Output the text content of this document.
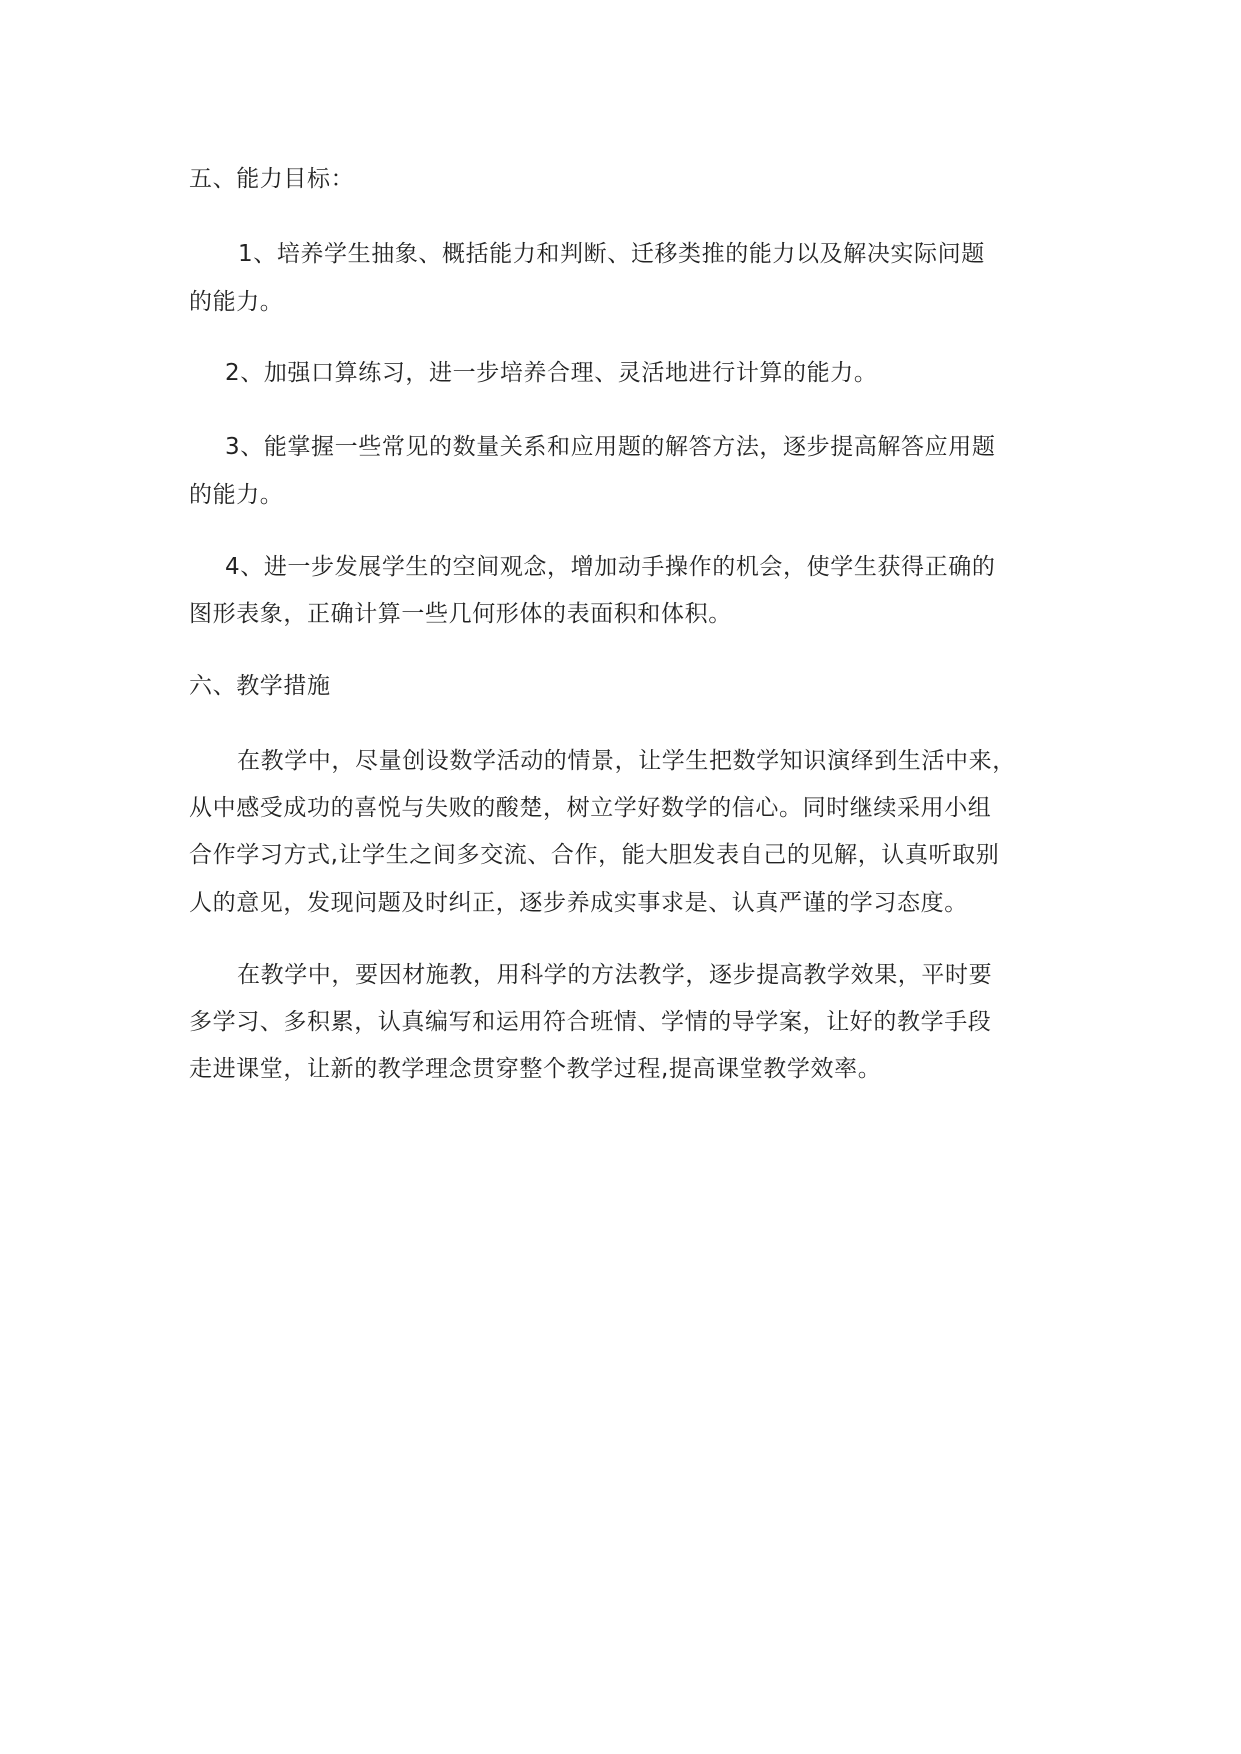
五、能力目标：
1、培养学生抽象、概括能力和判断、迁移类推的能力以及解决实际问题
的能力。
2、加强口算练习，进一步培养合理、灵活地进行计算的能力。
3、能掌握一些常见的数量关系和应用题的解答方法，逐步提高解答应用题
的能力。
4、进一步发展学生的空间观念，增加动手操作的机会，使学生获得正确的
图形表象，正确计算一些几何形体的表面积和体积。
六、教学措施
在教学中，尽量创设数学活动的情景，让学生把数学知识演绎到生活中来，
从中感受成功的喜悦与失败的酸楚，树立学好数学的信心。同时继续采用小组
合作学习方式,让学生之间多交流、合作，能大胆发表自己的见解，认真听取别
人的意见，发现问题及时纠正，逐步养成实事求是、认真严谨的学习态度。
在教学中，要因材施教，用科学的方法教学，逐步提高教学效果，平时要
多学习、多积累，认真编写和运用符合班情、学情的导学案，让好的教学手段
走进课堂，让新的教学理念贯穿整个教学过程,提高课堂教学效率。
